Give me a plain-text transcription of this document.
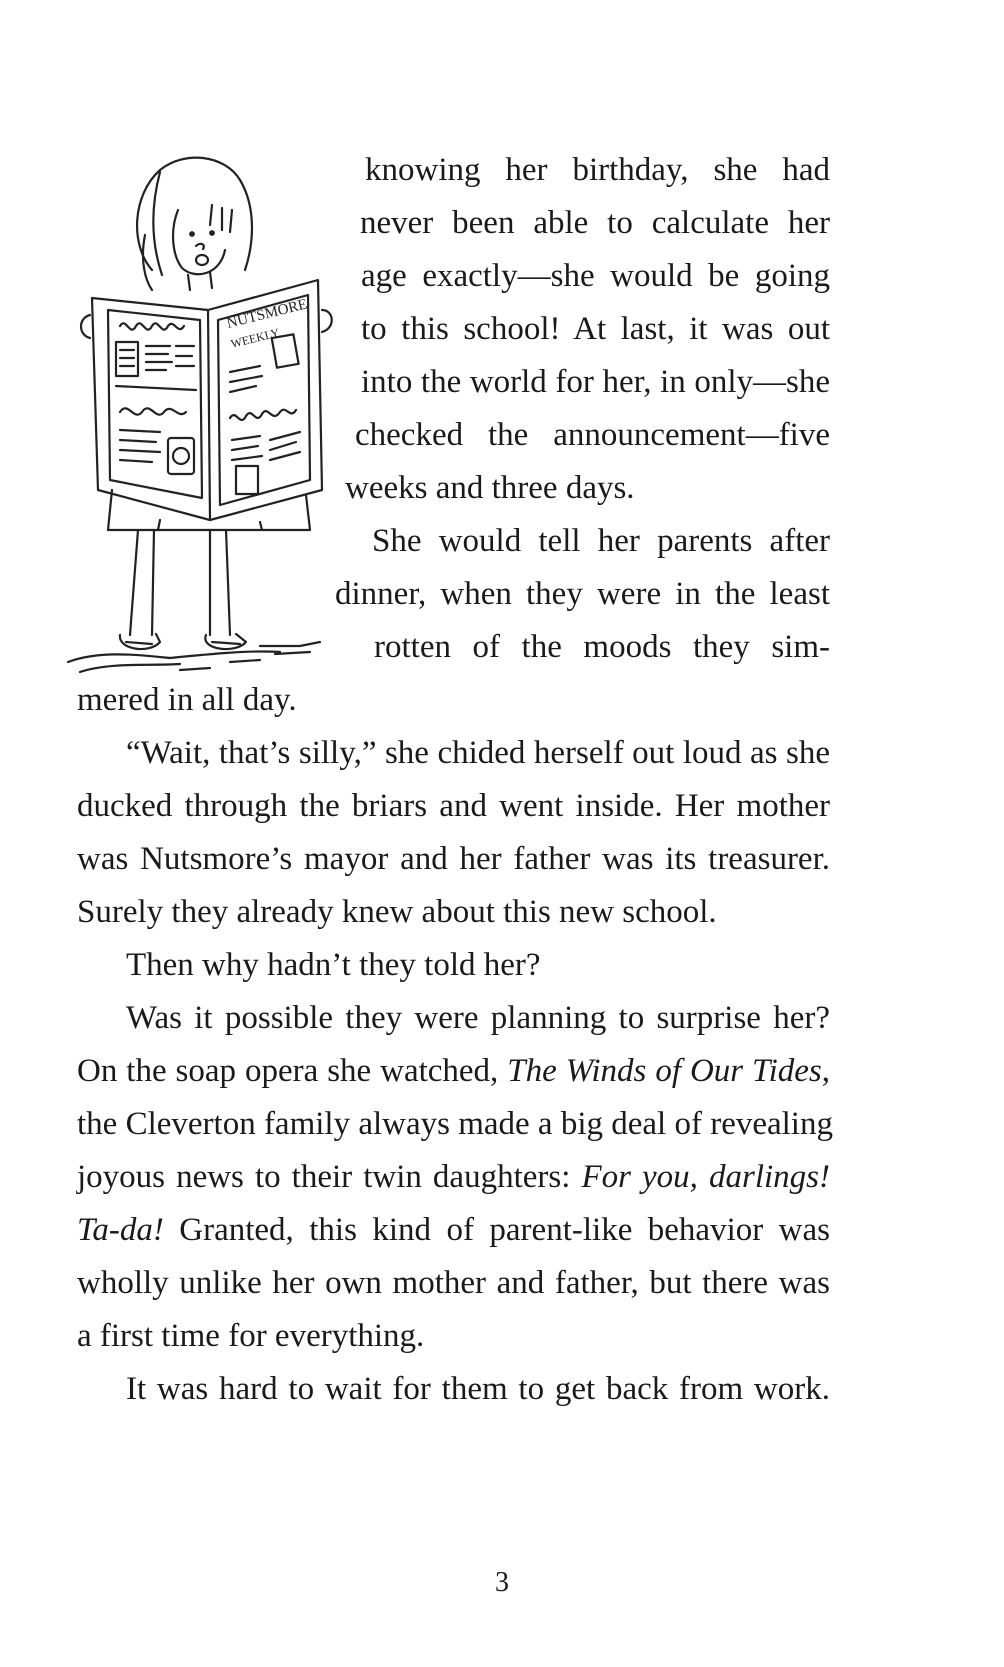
NUTSMORE
WEEKLY

knowing her birthday, she had

never been able to calculate her

age exactly—she would be going

to this school! At last, it was out

into the world for her, in only—she

checked the announcement—five

weeks and three days.

She would tell her parents after

dinner, when they were in the least

rotten of the moods they sim-

mered in all day.

“Wait, that’s silly,” she chided herself out loud as she

ducked through the briars and went inside. Her mother

was Nutsmore’s mayor and her father was its treasurer.

Surely they already knew about this new school.

Then why hadn’t they told her?

Was it possible they were planning to surprise her?

On the soap opera she watched, The Winds of Our Tides,

the Cleverton family always made a big deal of revealing

joyous news to their twin daughters: For you, darlings!

Ta-da! Granted, this kind of parent-like behavior was

wholly unlike her own mother and father, but there was

a first time for everything.

It was hard to wait for them to get back from work.

3
